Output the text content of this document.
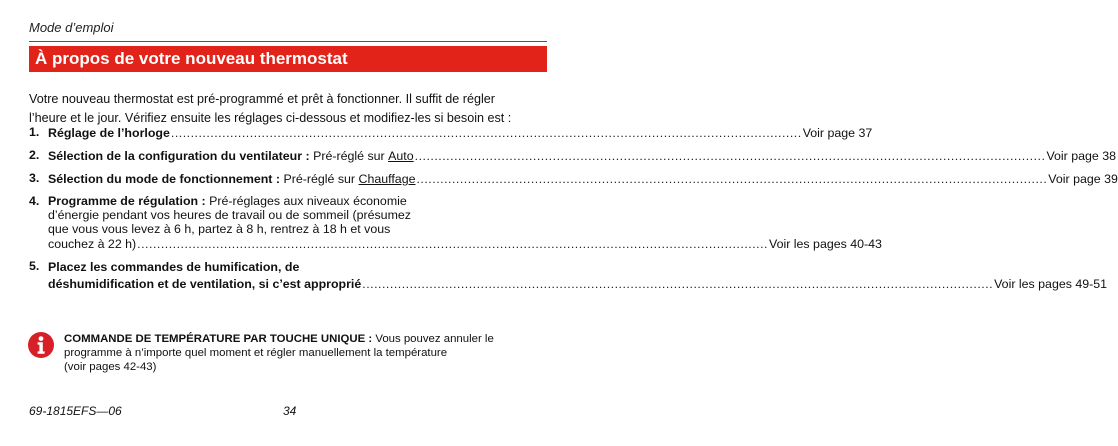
Mode d’emploi
À propos de votre nouveau thermostat
Votre nouveau thermostat est pré-programmé et prêt à fonctionner. Il suffit de régler
l’heure et le jour. Vérifiez ensuite les réglages ci-dessous et modifiez-les si besoin est :
1. Réglage de l’horloge ................................................................................................................................................................ Voir page 37
2. Sélection de la configuration du ventilateur : Pré-réglé sur Auto ................................................................................................................................................................ Voir page 38
3. Sélection du mode de fonctionnement : Pré-réglé sur Chauffage ................................................................................................................................................................ Voir page 39
4. Programme de régulation : Pré-réglages aux niveaux économie
d’énergie pendant vos heures de travail ou de sommeil (présumez
que vous vous levez à 6 h, partez à 8 h, rentrez à 18 h et vous
couchez à 22 h) ................................................................................................................................................................ Voir les pages 40-43
5. Placez les commandes de humification, de
déshumidification et de ventilation, si c’est approprié ................................................................................................................................................................ Voir les pages 49-51
COMMANDE DE TEMPÉRATURE PAR TOUCHE UNIQUE : Vous pouvez annuler le
programme à n’importe quel moment et régler manuellement la température
(voir pages 42-43)
69-1815EFS—06	34
